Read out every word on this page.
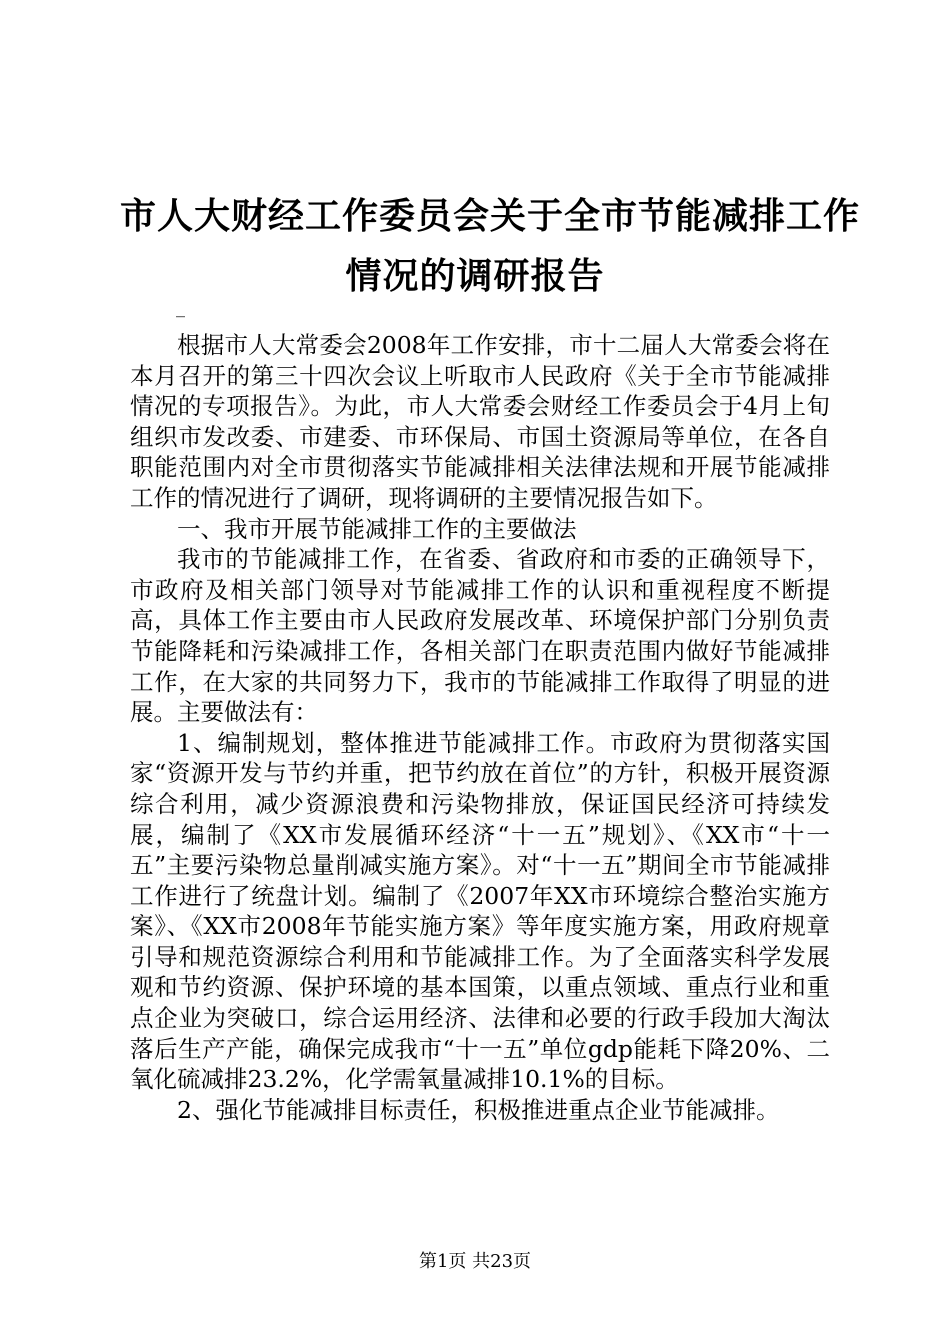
市人大财经工作委员会关于全市节能减排工作
情况的调研报告
_

根据市人大常委会2008年工作安排，市十二届人大常委会将在本月召开的第三十四次会议上听取市人民政府《关于全市节能减排情况的专项报告》。为此，市人大常委会财经工作委员会于4月上旬组织市发改委、市建委、市环保局、市国土资源局等单位，在各自职能范围内对全市贯彻落实节能减排相关法律法规和开展节能减排工作的情况进行了调研，现将调研的主要情况报告如下。

一、我市开展节能减排工作的主要做法

我市的节能减排工作，在省委、省政府和市委的正确领导下，市政府及相关部门领导对节能减排工作的认识和重视程度不断提高，具体工作主要由市人民政府发展改革、环境保护部门分别负责节能降耗和污染减排工作，各相关部门在职责范围内做好节能减排工作，在大家的共同努力下，我市的节能减排工作取得了明显的进展。主要做法有：

1、编制规划，整体推进节能减排工作。市政府为贯彻落实国家“资源开发与节约并重，把节约放在首位”的方针，积极开展资源综合利用，减少资源浪费和污染物排放，保证国民经济可持续发展，编制了《XX市发展循环经济“十一五”规划》、《XX市“十一五”主要污染物总量削减实施方案》。对“十一五”期间全市节能减排工作进行了统盘计划。编制了《2007年XX市环境综合整治实施方案》、《XX市2008年节能实施方案》等年度实施方案，用政府规章引导和规范资源综合利用和节能减排工作。为了全面落实科学发展观和节约资源、保护环境的基本国策，以重点领域、重点行业和重点企业为突破口，综合运用经济、法律和必要的行政手段加大淘汰落后生产产能，确保完成我市“十一五”单位gdp能耗下降20%、二氧化硫减排23.2%，化学需氧量减排10.1%的目标。

2、强化节能减排目标责任，积极推进重点企业节能减排。

第1页 共23页
